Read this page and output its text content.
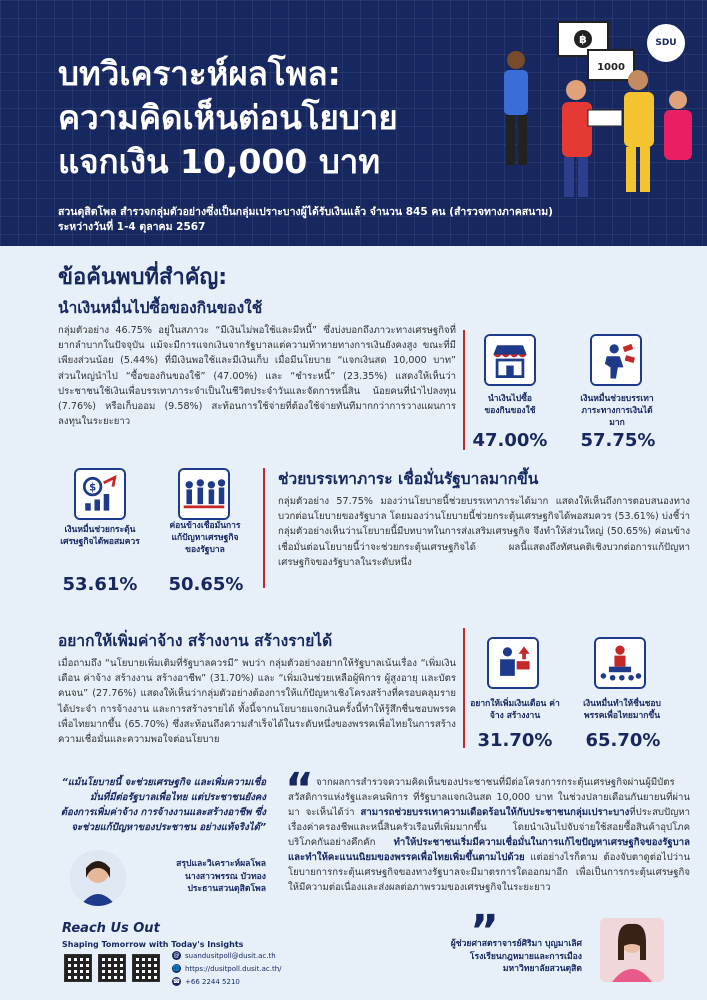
บทวิเคราะห์ผลโพล:
ความคิดเห็นต่อนโยบาย
แจกเงิน 10,000 บาท
สวนดุสิตโพล สำรวจกลุ่มตัวอย่างซึ่งเป็นกลุ่มเปราะบางผู้ได้รับเงินแล้ว จำนวน 845 คน (สำรวจทางภาคสนาม)
ระหว่างวันที่ 1-4 ตุลาคม 2567
SDU
฿
1000
ข้อค้นพบที่สำคัญ:
นำเงินหมื่นไปซื้อของกินของใช้
กลุ่มตัวอย่าง 46.75% อยู่ในสภาวะ “มีเงินไม่พอใช้และมีหนี้” ซึ่งบ่งบอกถึงภาวะทางเศรษฐกิจที่ยากลำบากในปัจจุบัน แม้จะมีการแจกเงินจากรัฐบาลแต่ความท้าทายทางการเงินยังคงสูง ขณะที่มีเพียงส่วนน้อย (5.44%) ที่มีเงินพอใช้และมีเงินเก็บ เมื่อมีนโยบาย “แจกเงินสด 10,000 บาท” ส่วนใหญ่นำไป “ซื้อของกินของใช้” (47.00%) และ “ชำระหนี้” (23.35%) แสดงให้เห็นว่าประชาชนใช้เงินเพื่อบรรเทาภาระจำเป็นในชีวิตประจำวันและจัดการหนี้สิน น้อยคนที่นำไปลงทุน (7.76%) หรือเก็บออม (9.58%) สะท้อนการใช้จ่ายที่ต้องใช้จ่ายทันทีมากกว่าการวางแผนการลงทุนในระยะยาว
นำเงินไปซื้อ ของกินของใช้
เงินหมื่นช่วยบรรเทา ภาระทางการเงินได้มาก
47.00%	57.75%
$
เงินหมื่นช่วยกระตุ้น เศรษฐกิจได้พอสมควร
ค่อนข้างเชื่อมั่นการ แก้ปัญหาเศรษฐกิจ ของรัฐบาล
53.61%	50.65%
ช่วยบรรเทาภาระ เชื่อมั่นรัฐบาลมากขึ้น
กลุ่มตัวอย่าง 57.75% มองว่านโยบายนี้ช่วยบรรเทาภาระได้มาก แสดงให้เห็นถึงการตอบสนองทางบวกต่อนโยบายของรัฐบาล โดยมองว่านโยบายนี้ช่วยกระตุ้นเศรษฐกิจได้พอสมควร (53.61%) บ่งชี้ว่ากลุ่มตัวอย่างเห็นว่านโยบายนี้มีบทบาทในการส่งเสริมเศรษฐกิจ จึงทำให้ส่วนใหญ่ (50.65%) ค่อนข้างเชื่อมั่นต่อนโยบายนี้ว่าจะช่วยกระตุ้นเศรษฐกิจได้ ผลนี้แสดงถึงทัศนคติเชิงบวกต่อการแก้ปัญหาเศรษฐกิจของรัฐบาลในระดับหนึ่ง
อยากให้เพิ่มค่าจ้าง สร้างงาน สร้างรายได้
เมื่อถามถึง “นโยบายเพิ่มเติมที่รัฐบาลควรมี” พบว่า กลุ่มตัวอย่างอยากให้รัฐบาลเน้นเรื่อง “เพิ่มเงินเดือน ค่าจ้าง สร้างงาน สร้างอาชีพ” (31.70%) และ “เพิ่มเงินช่วยเหลือผู้พิการ ผู้สูงอายุ และบัตรคนจน” (27.76%) แสดงให้เห็นว่ากลุ่มตัวอย่างต้องการให้แก้ปัญหาเชิงโครงสร้างที่ครอบคลุมรายได้ประจำ การจ้างงาน และการสร้างรายได้ ทั้งนี้จากนโยบายแจกเงินครั้งนี้ทำให้รู้สึกชื่นชอบพรรคเพื่อไทยมากขึ้น (65.70%) ซึ่งสะท้อนถึงความสำเร็จได้ในระดับหนึ่งของพรรคเพื่อไทยในการสร้างความเชื่อมั่นและความพอใจต่อนโยบาย
อยากให้เพิ่มเงินเดือน ค่าจ้าง สร้างงาน
เงินหมื่นทำให้ชื่นชอบ พรรคเพื่อไทยมากขึ้น
31.70%	65.70%
“แม้นโยบายนี้ จะช่วยเศรษฐกิจ และเพิ่มความเชื่อมั่นที่มีต่อรัฐบาลเพื่อไทย แต่ประชาชนยังคงต้องการเพิ่มค่าจ้าง การจ้างงานและสร้างอาชีพ ซึ่งจะช่วยแก้ปัญหาของประชาชน อย่างแท้จริงได้”
สรุปและวิเคราะห์ผลโพล
นางสาวพรรณ บัวทอง
ประธานสวนดุสิตโพล
“ จากผลการสำรวจความคิดเห็นของประชาชนที่มีต่อโครงการกระตุ้นเศรษฐกิจผ่านผู้มีบัตรสวัสดิการแห่งรัฐและคนพิการ ที่รัฐบาลแจกเงินสด 10,000 บาท ในช่วงปลายเดือนกันยายนที่ผ่านมา จะเห็นได้ว่า สามารถช่วยบรรเทาความเดือดร้อนให้กับประชาชนกลุ่มเปราะบางที่ประสบปัญหาเรื่องค่าครองชีพและหนี้สินครัวเรือนที่เพิ่มมากขึ้น โดยนำเงินไปจับจ่ายใช้สอยซื้อสินค้าอุปโภคบริโภคกันอย่างคึกคัก ทำให้ประชาชนเริ่มมีความเชื่อมั่นในการแก้ไขปัญหาเศรษฐกิจของรัฐบาล และทำให้คะแนนนิยมของพรรคเพื่อไทยเพิ่มขึ้นตามไปด้วย แต่อย่างไรก็ตาม ต้องจับตาดูต่อไปว่านโยบายการกระตุ้นเศรษฐกิจของทางรัฐบาลจะมีมาตรการใดออกมาอีก เพื่อเป็นการกระตุ้นเศรษฐกิจให้มีความต่อเนื่องและส่งผลต่อภาพรวมของเศรษฐกิจในระยะยาว
”
ผู้ช่วยศาสตราจารย์ศิริมา บุญมาเลิศ
โรงเรียนกฎหมายและการเมือง
มหาวิทยาลัยสวนดุสิต
Reach Us Out
Shaping Tomorrow with Today's Insights
@ suandusitpoll@dusit.ac.th
🌐 https://dusitpoll.dusit.ac.th/
☎ +66 2244 5210
